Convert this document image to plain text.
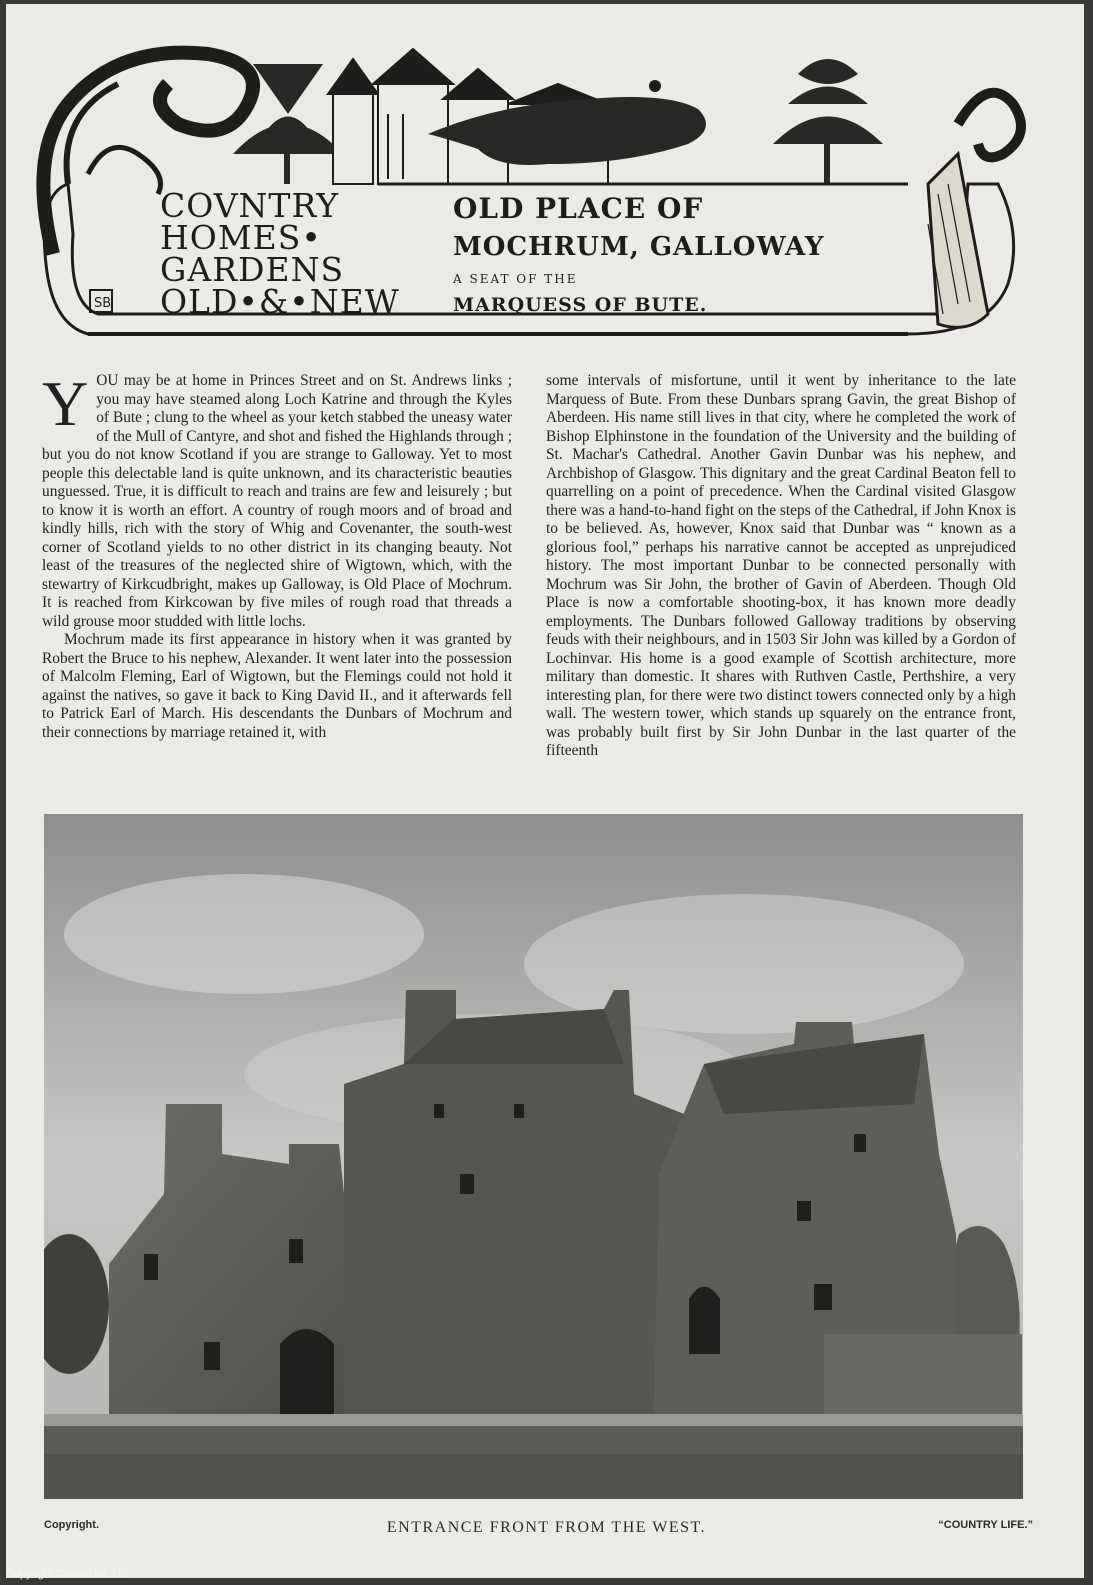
SB
COVNTRY
HOMES•
GARDENS
OLD•&•NEW
OLD PLACE OF
MOCHRUM, GALLOWAY
A SEAT OF THE
MARQUESS OF BUTE.
Y OU may be at home in Princes Street and on St. Andrews links ; you may have steamed along Loch Katrine and through the Kyles of Bute ; clung to the wheel as your ketch stabbed the uneasy water of the Mull of Cantyre, and shot and fished the Highlands through ; but you do not know Scotland if you are strange to Galloway. Yet to most people this delectable land is quite unknown, and its characteristic beauties unguessed. True, it is difficult to reach and trains are few and leisurely ; but to know it is worth an effort. A country of rough moors and of broad and kindly hills, rich with the story of Whig and Covenanter, the south-west corner of Scotland yields to no other district in its changing beauty. Not least of the treasures of the neglected shire of Wigtown, which, with the stewartry of Kirkcudbright, makes up Galloway, is Old Place of Mochrum. It is reached from Kirkcowan by five miles of rough road that threads a wild grouse moor studded with little lochs.

Mochrum made its first appearance in history when it was granted by Robert the Bruce to his nephew, Alexander. It went later into the possession of Malcolm Fleming, Earl of Wigtown, but the Flemings could not hold it against the natives, so gave it back to King David II., and it afterwards fell to Patrick Earl of March. His descendants the Dunbars of Mochrum and their connections by marriage retained it, with

some intervals of misfortune, until it went by inheritance to the late Marquess of Bute. From these Dunbars sprang Gavin, the great Bishop of Aberdeen. His name still lives in that city, where he completed the work of Bishop Elphinstone in the foundation of the University and the building of St. Machar's Cathedral. Another Gavin Dunbar was his nephew, and Archbishop of Glasgow. This dignitary and the great Cardinal Beaton fell to quarrelling on a point of precedence. When the Cardinal visited Glasgow there was a hand-to-hand fight on the steps of the Cathedral, if John Knox is to be believed. As, however, Knox said that Dunbar was “ known as a glorious fool,” perhaps his narrative cannot be accepted as unprejudiced history. The most important Dunbar to be connected personally with Mochrum was Sir John, the brother of Gavin of Aberdeen. Though Old Place is now a comfortable shooting-box, it has known more deadly employments. The Dunbars followed Galloway traditions by observing feuds with their neighbours, and in 1503 Sir John was killed by a Gordon of Lochinvar. His home is a good example of Scottish architecture, more military than domestic. It shares with Ruthven Castle, Perthshire, a very interesting plan, for there were two distinct towers connected only by a high wall. The western tower, which stands up squarely on the entrance front, was probably built first by Sir John Dunbar in the last quarter of the fifteenth

Copyright.	ENTRANCE FRONT FROM THE WEST.	“COUNTRY LIFE.”
Copyright Cosmo Int. Ltd
